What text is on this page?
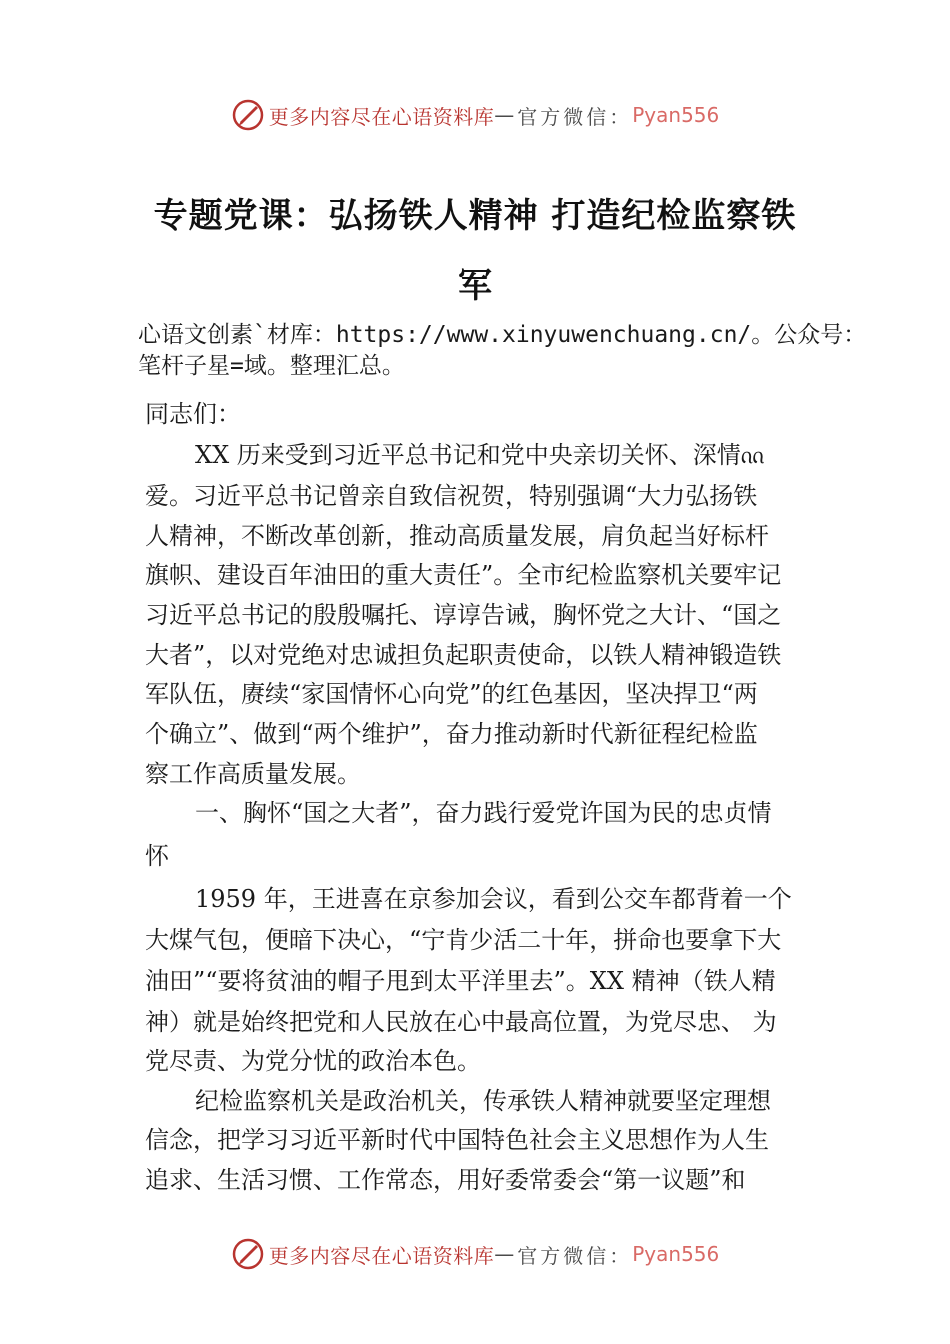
更多内容尽在心语资料库 — 官方微信： Pyan556
专题党课：弘扬铁人精神 打造纪检监察铁
军
心语文创素`材库：https://www.xinyuwenchuang.cn/。公众号：
笔杆子星=域。整理汇总。
同志们：
XX 历来受到习近平总书记和党中央亲切关怀、深情ᦶ
爱。习近平总书记曾亲自致信祝贺，特别强调“大力弘扬铁
人精神，不断改革创新，推动高质量发展，肩负起当好标杆
旗帜、建设百年油田的重大责任”。全市纪检监察机关要牢记
习近平总书记的殷殷嘱托、谆谆告诫，胸怀党之大计、“国之
大者”，以对党绝对忠诚担负起职责使命，以铁人精神锻造铁
军队伍，赓续“家国情怀心向党”的红色基因，坚决捍卫“两
个确立”、做到“两个维护”，奋力推动新时代新征程纪检监
察工作高质量发展。
一、胸怀“国之大者”，奋力践行爱党许国为民的忠贞情
怀
1959 年，王进喜在京参加会议，看到公交车都背着一个
大煤气包，便暗下决心，“宁肯少活二十年，拼命也要拿下大
油田”“要将贫油的帽子甩到太平洋里去”。XX 精神（铁人精
神）就是始终把党和人民放在心中最高位置，为党尽忠、 为
党尽责、为党分忧的政治本色。
纪检监察机关是政治机关，传承铁人精神就要坚定理想
信念，把学习习近平新时代中国特色社会主义思想作为人生
追求、生活习惯、工作常态，用好委常委会“第一议题”和
更多内容尽在心语资料库 — 官方微信： Pyan556
